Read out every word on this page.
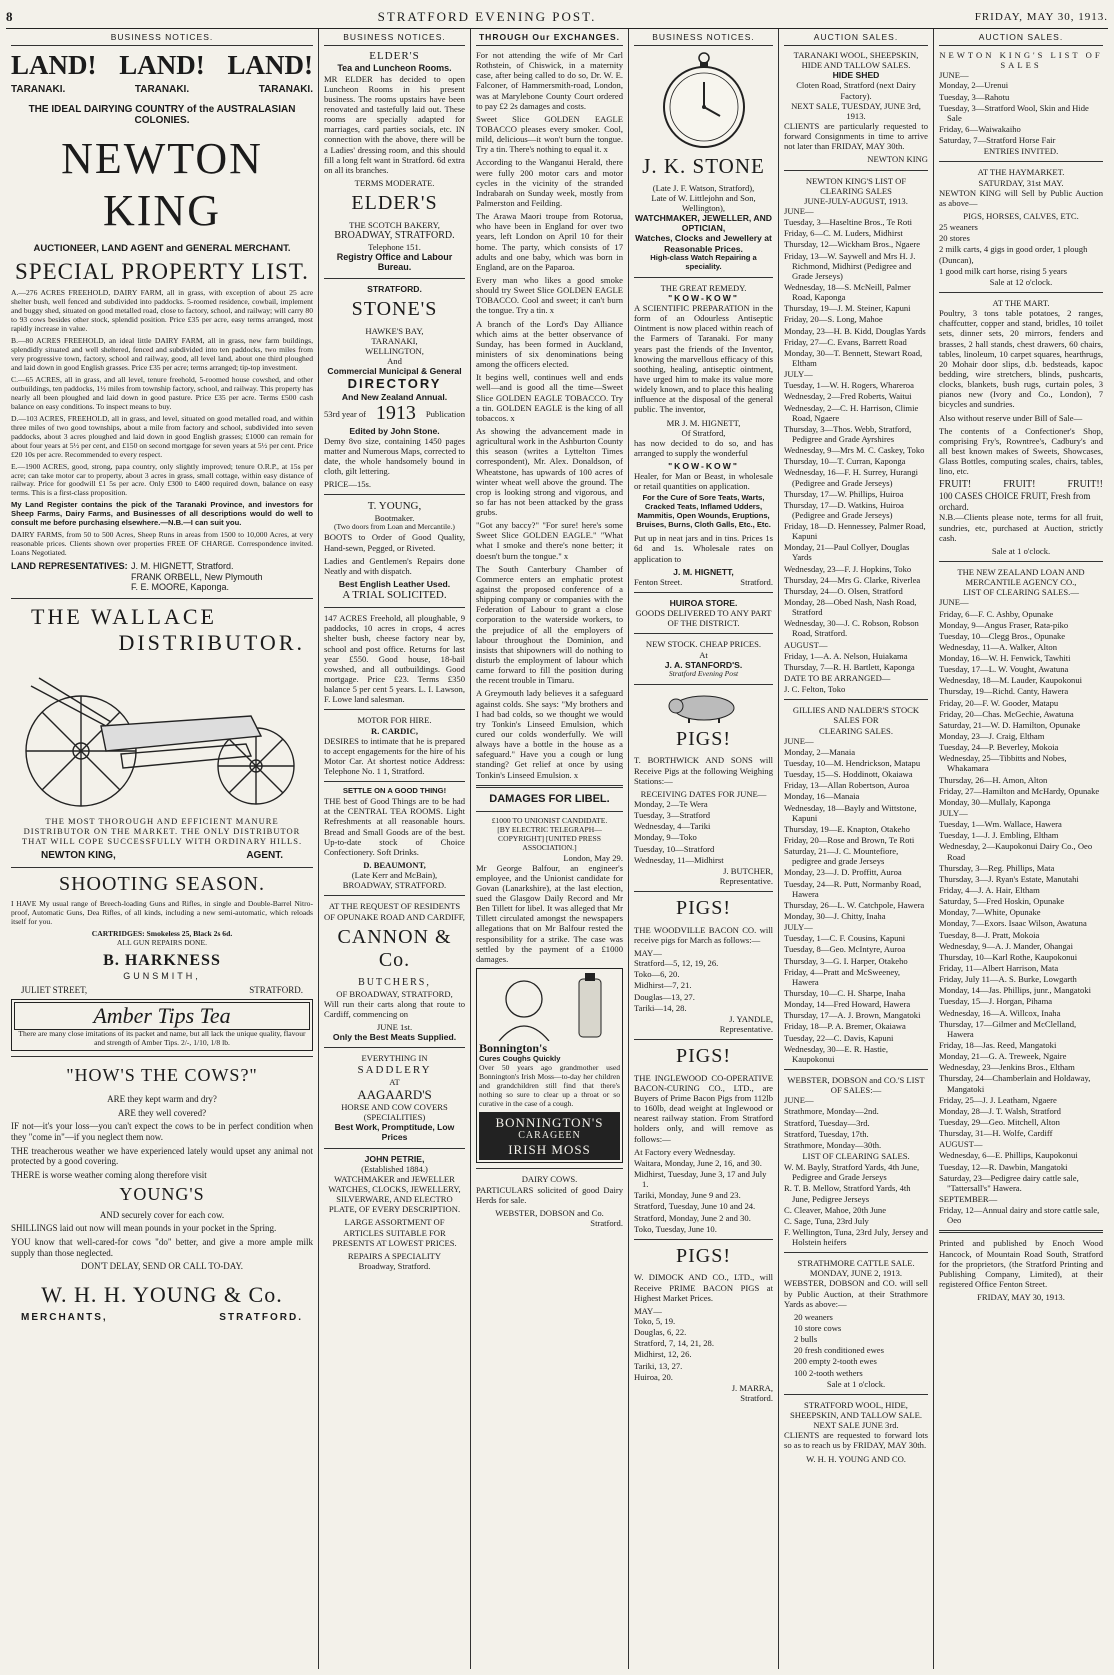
8	STRATFORD EVENING POST.	FRIDAY, MAY 30, 1913.
BUSINESS NOTICES.
LAND! LAND! LAND!
TARANAKI.	TARANAKI.	TARANAKI.
THE IDEAL DAIRYING COUNTRY of the AUSTRALASIAN COLONIES.
NEWTON KING
AUCTIONEER, LAND AGENT and GENERAL MERCHANT.
SPECIAL PROPERTY LIST.

A.—276 ACRES FREEHOLD, DAIRY FARM, all in grass, with exception of about 25 acre shelter bush, well fenced and subdivided into paddocks. 5-roomed residence, cowbail, implement and buggy shed, situated on good metalled road, close to factory, school, and railway; will carry 80 to 93 cows besides other stock, splendid position. Price £35 per acre, easy terms arranged, most rapidly increase in value.

B.—80 ACRES FREEHOLD, an ideal little DAIRY FARM, all in grass, new farm buildings, splendidly situated and well sheltered, fenced and subdivided into ten paddocks, two miles from very progressive town, factory, school and railway, good, all level land, about one third ploughed and laid down in good English grasses. Price £35 per acre; terms arranged; tip-top investment.

C.—65 ACRES, all in grass, and all level, tenure freehold, 5-roomed house cowshed, and other outbuildings, ten paddocks, 1½ miles from township factory, school, and railway. This property has nearly all been ploughed and laid down in good pasture. Price £35 per acre. Terms £500 cash balance on easy conditions. To inspect means to buy.

D.—103 ACRES, FREEHOLD, all in grass, and level, situated on good metalled road, and within three miles of two good townships, about a mile from factory and school, subdivided into seven paddocks, about 3 acres ploughed and laid down in good English grasses; £1000 can remain for about four years at 5½ per cent, and £150 on second mortgage for seven years at 5½ per cent. Price £20 10s per acre. Recommended to every respect.

E.—1900 ACRES, good, strong, papa country, only slightly improved; tenure O.R.P., at 15s per acre; can take motor car to property, about 3 acres in grass, small cottage, within easy distance of railway. Price for goodwill £1 5s per acre. Only £300 to £400 required down, balance on easy terms. This is a first-class proposition.

My Land Register contains the pick of the Taranaki Province, and investors for Sheep Farms, Dairy Farms, and Businesses of all descriptions would do well to consult me before purchasing elsewhere.—N.B.—I can suit you.

DAIRY FARMS, from 50 to 500 Acres, Sheep Runs in areas from 1500 to 10,000 Acres, at very reasonable prices. Clients shown over properties FREE OF CHARGE. Correspondence invited. Loans Negotiated.

LAND REPRESENTATIVES: J. M. HIGNETT, Stratford.
FRANK ORBELL, New Plymouth
F. E. MOORE, Kaponga.
THE WALLACE
DISTRIBUTOR.
THE MOST THOROUGH AND EFFICIENT MANURE DISTRIBUTOR ON THE MARKET. THE ONLY DISTRIBUTOR THAT WILL COPE SUCCESSFULLY WITH ORDINARY HILLS.
NEWTON KING,	AGENT.
SHOOTING SEASON.

I HAVE My usual range of Breech-loading Guns and Rifles, in single and Double-Barrel Nitro-proof, Automatic Guns, Dea Rifles, of all kinds, including a new semi-automatic, which reloads itself for you.

CARTRIDGES: Smokeless 25, Black 2s 6d.
ALL GUN REPAIRS DONE.
B. HARKNESS
GUNSMITH,
JULIET STREET,	STRATFORD.
Amber Tips Tea
There are many close imitations of its packet and name, but all lack the unique quality, flavour and strength of Amber Tips. 2/-, 1/10, 1/8 lb.
"HOW'S THE COWS?"

ARE they kept warm and dry?

ARE they well covered?

IF not—it's your loss—you can't expect the cows to be in perfect condition when they "come in"—if you neglect them now.

THE treacherous weather we have experienced lately would upset any animal not protected by a good covering.

THERE is worse weather coming along therefore visit

YOUNG'S

AND securely cover for each cow.

SHILLINGS laid out now will mean pounds in your pocket in the Spring.

YOU know that well-cared-for cows "do" better, and give a more ample milk supply than those neglected.

DON'T DELAY, SEND OR CALL TO-DAY.

W. H. H. YOUNG & Co.
MERCHANTS,	STRATFORD.
BUSINESS NOTICES.
ELDER'S
Tea and Luncheon Rooms.

MR ELDER has decided to open Luncheon Rooms in his present business. The rooms upstairs have been renovated and tastefully laid out. These rooms are specially adapted for marriages, card parties socials, etc. IN connection with the above, there will be a Ladies' dressing room, and this should fill a long felt want in Stratford. 6d extra on all its branches.

TERMS MODERATE.
ELDER'S
THE SCOTCH BAKERY,
BROADWAY, STRATFORD.
Telephone 151.
Registry Office and Labour Bureau.
STRATFORD.
STONE'S
HAWKE'S BAY,
TARANAKI,
WELLINGTON,
And
Commercial Municipal & General
DIRECTORY
And New Zealand Annual.
53rd year of 1913 Publication
Edited by John Stone.

Demy 8vo size, containing 1450 pages matter and Numerous Maps, corrected to date, the whole handsomely bound in cloth, gilt lettering.

PRICE—15s.
T. YOUNG,
Bootmaker.
(Two doors from Loan and Mercantile.)

BOOTS to Order of Good Quality, Hand-sewn, Pegged, or Riveted.

Ladies and Gentlemen's Repairs done Neatly and with dispatch.

Best English Leather Used.
A TRIAL SOLICITED.

147 ACRES Freehold, all ploughable, 9 paddocks, 10 acres in crops, 4 acres shelter bush, cheese factory near by, school and post office. Returns for last year £550. Good house, 18-bail cowshed, and all outbuildings. Good mortgage. Price £23. Terms £350 balance 5 per cent 5 years. L. I. Lawson, F. Lowe land salesman.

MOTOR FOR HIRE.
R. CARDIC,

DESIRES to intimate that he is prepared to accept engagements for the hire of his Motor Car. At shortest notice Address: Telephone No. 1 1, Stratford.

SETTLE ON A GOOD THING!

THE best of Good Things are to be had at the CENTRAL TEA ROOMS. Light Refreshments at all reasonable hours. Bread and Small Goods are of the best. Up-to-date stock of Choice Confectionery. Soft Drinks.

D. BEAUMONT,
(Late Kerr and McBain),
BROADWAY, STRATFORD.
AT THE REQUEST OF RESIDENTS OF OPUNAKE ROAD AND CARDIFF,
CANNON & Co.
BUTCHERS,
OF BROADWAY, STRATFORD,

Will run their carts along that route to Cardiff, commencing on

JUNE 1st.
Only the Best Meats Supplied.
EVERYTHING IN
SADDLERY
AT
AAGAARD'S
HORSE AND COW COVERS
(SPECIALITIES)
Best Work, Promptitude, Low Prices
JOHN PETRIE,
(Established 1884.)
WATCHMAKER and JEWELLER

WATCHES, CLOCKS, JEWELLERY, SILVERWARE, AND ELECTRO PLATE, OF EVERY DESCRIPTION.

LARGE ASSORTMENT OF ARTICLES SUITABLE FOR PRESENTS AT LOWEST PRICES.

REPAIRS A SPECIALITY
Broadway, Stratford.
THROUGH Our EXCHANGES.

For not attending the wife of Mr Carl Rothstein, of Chiswick, in a maternity case, after being called to do so, Dr. W. E. Falconer, of Hammersmith-road, London, was at Marylebone County Court ordered to pay £2 2s damages and costs.

Sweet Slice GOLDEN EAGLE TOBACCO pleases every smoker. Cool, mild, delicious—it won't burn the tongue. Try a tin. There's nothing to equal it. x

According to the Wanganui Herald, there were fully 200 motor cars and motor cycles in the vicinity of the stranded Indrabarah on Sunday week, mostly from Palmerston and Feilding.

The Arawa Maori troupe from Rotorua, who have been in England for over two years, left London on April 10 for their home. The party, which consists of 17 adults and one baby, which was born in England, are on the Paparoa.

Every man who likes a good smoke should try Sweet Slice GOLDEN EAGLE TOBACCO. Cool and sweet; it can't burn the tongue. Try a tin. x

A branch of the Lord's Day Alliance which aims at the better observance of Sunday, has been formed in Auckland, ministers of six denominations being among the officers elected.

It begins well, continues well and ends well—and is good all the time—Sweet Slice GOLDEN EAGLE TOBACCO. Try a tin. GOLDEN EAGLE is the king of all tobaccos. x

As showing the advancement made in agricultural work in the Ashburton County this season (writes a Lyttelton Times correspondent), Mr. Alex. Donaldson, of Wheatstone, has upwards of 100 acres of winter wheat well above the ground. The crop is looking strong and vigorous, and so far has not been attacked by the grass grubs.

"Got any baccy?" "For sure! here's some Sweet Slice GOLDEN EAGLE." "What what I smoke and there's none better; it doesn't burn the tongue." x

The South Canterbury Chamber of Commerce enters an emphatic protest against the proposed conference of a shipping company or companies with the Federation of Labour to grant a close corporation to the waterside workers, to the prejudice of all the employers of labour throughout the Dominion, and insists that shipowners will do nothing to disturb the employment of labour which came forward to fill the position during the recent trouble in Timaru.

A Greymouth lady believes it a safeguard against colds. She says: "My brothers and I had bad colds, so we thought we would try Tonkin's Linseed Emulsion, which cured our colds wonderfully. We will always have a bottle in the house as a safeguard." Have you a cough or lung standing? Get relief at once by using Tonkin's Linseed Emulsion. x

DAMAGES FOR LIBEL.
£1000 TO UNIONIST CANDIDATE.
[BY ELECTRIC TELEGRAPH—COPYRIGHT] [UNITED PRESS ASSOCIATION.]
London, May 29.

Mr George Balfour, an engineer's employee, and the Unionist candidate for Govan (Lanarkshire), at the last election, sued the Glasgow Daily Record and Mr Ben Tillett for libel. It was alleged that Mr Tillett circulated amongst the newspapers allegations that on Mr Balfour rested the responsibility for a strike. The case was settled by the payment of a £1000 damages.

Bonnington's
Cures Coughs Quickly

Over 50 years ago grandmother used Bonnington's Irish Moss—to-day her children and grandchildren still find that there's nothing so sure to clear up a throat or so curative in the case of a cough.

BONNINGTON'S
CARAGEEN
IRISH MOSS
DAIRY COWS.

PARTICULARS solicited of good Dairy Herds for sale.

WEBSTER, DOBSON and Co.
Stratford.
BUSINESS NOTICES.
J. K. STONE
(Late J. F. Watson, Stratford),
Late of W. Littlejohn and Son, Wellington),
WATCHMAKER, JEWELLER, AND OPTICIAN,
Watches, Clocks and Jewellery at Reasonable Prices.
High-class Watch Repairing a speciality.
THE GREAT REMEDY.
"KOW-KOW"

A SCIENTIFIC PREPARATION in the form of an Odourless Antiseptic Ointment is now placed within reach of the Farmers of Taranaki. For many years past the friends of the Inventor, knowing the marvellous efficacy of this soothing, healing, antiseptic ointment, have urged him to make its value more widely known, and to place this healing influence at the disposal of the general public. The inventor,

MR J. M. HIGNETT,
Of Stratford,

has now decided to do so, and has arranged to supply the wonderful

"KOW-KOW"

Healer, for Man or Beast, in wholesale or retail quantities on application.

For the Cure of Sore Teats, Warts, Cracked Teats, Inflamed Udders, Mammitis, Open Wounds, Eruptions, Bruises, Burns, Cloth Galls, Etc., Etc.

Put up in neat jars and in tins. Prices 1s 6d and 1s. Wholesale rates on application to

J. M. HIGNETT,
Fenton Street.	Stratford.
HUIROA STORE.
GOODS DELIVERED TO ANY PART OF THE DISTRICT.
NEW STOCK. CHEAP PRICES.
At
J. A. STANFORD'S.
Stratford Evening Post
PIGS!

T. BORTHWICK AND SONS will Receive Pigs at the following Weighing Stations:—

RECEIVING DATES FOR JUNE—
Monday, 2—Te Wera
Tuesday, 3—Stratford
Wednesday, 4—Tariki
Monday, 9—Toko
Tuesday, 10—Stratford
Wednesday, 11—Midhirst
J. BUTCHER,
Representative.
PIGS!

THE WOODVILLE BACON CO. will receive pigs for March as follows:—

MAY—
Stratford—5, 12, 19, 26.
Toko—6, 20.
Midhirst—7, 21.
Douglas—13, 27.
Tariki—14, 28.
J. YANDLE,
Representative.
PIGS!

THE INGLEWOOD CO-OPERATIVE BACON-CURING CO., LTD., are Buyers of Prime Bacon Pigs from 112lb to 160lb, dead weight at Inglewood or nearest railway station. From Stratford holders only, and will remove as follows:—

At Factory every Wednesday.
Waitara, Monday, June 2, 16, and 30.
Midhirst, Tuesday, June 3, 17 and July 1.
Tariki, Monday, June 9 and 23.
Stratford, Tuesday, June 10 and 24.
Stratford, Monday, June 2 and 30.
Toko, Tuesday, June 10.
PIGS!

W. DIMOCK AND CO., LTD., will Receive PRIME BACON PIGS at Highest Market Prices.

MAY—
Toko, 5, 19.
Douglas, 6, 22.
Stratford, 7, 14, 21, 28.
Midhirst, 12, 26.
Tariki, 13, 27.
Huiroa, 20.
J. MARRA,
Stratford.
AUCTION SALES.
TARANAKI WOOL, SHEEPSKIN, HIDE AND TALLOW SALES.
HIDE SHED
Cloten Road, Stratford (next Dairy Factory).
NEXT SALE, TUESDAY, JUNE 3rd, 1913.

CLIENTS are particularly requested to forward Consignments in time to arrive not later than FRIDAY, MAY 30th.

NEWTON KING
NEWTON KING'S LIST OF CLEARING SALES
JUNE-JULY-AUGUST, 1913.
JUNE—
Tuesday, 3—Haseltine Bros., Te Roti
Friday, 6—C. M. Luders, Midhirst
Thursday, 12—Wickham Bros., Ngaere
Friday, 13—W. Saywell and Mrs H. J. Richmond, Midhirst (Pedigree and Grade Jerseys)
Wednesday, 18—S. McNeill, Palmer Road, Kaponga
Thursday, 19—J. M. Steiner, Kapuni
Friday, 20—S. Long, Mahoe
Monday, 23—H. B. Kidd, Douglas Yards
Friday, 27—C. Evans, Barrett Road
Monday, 30—T. Bennett, Stewart Road, Eltham
JULY—
Tuesday, 1—W. H. Rogers, Whareroa
Wednesday, 2—Fred Roberts, Waitui
Wednesday, 2—C. H. Harrison, Climie Road, Ngaere
Thursday, 3—Thos. Webb, Stratford, Pedigree and Grade Ayrshires
Wednesday, 9—Mrs M. C. Caskey, Toko
Thursday, 10—T. Curran, Kaponga
Wednesday, 16—F. H. Surrey, Hurangi (Pedigree and Grade Jerseys)
Thursday, 17—W. Phillips, Huiroa
Thursday, 17—D. Watkins, Huiroa (Pedigree and Grade Jerseys)
Friday, 18—D. Hennessey, Palmer Road, Kapuni
Monday, 21—Paul Collyer, Douglas Yards
Wednesday, 23—F. J. Hopkins, Toko
Thursday, 24—Mrs G. Clarke, Riverlea
Thursday, 24—O. Olsen, Stratford
Monday, 28—Obed Nash, Nash Road, Stratford
Wednesday, 30—J. C. Robson, Robson Road, Stratford.
AUGUST—
Friday, 1—A. A. Nelson, Huiakama
Thursday, 7—R. H. Bartlett, Kaponga
DATE TO BE ARRANGED—
J. C. Felton, Toko
GILLIES AND NALDER'S STOCK SALES FOR
CLEARING SALES.
JUNE—
Monday, 2—Manaia
Tuesday, 10—M. Hendrickson, Matapu
Tuesday, 15—S. Hoddinott, Okaiawa
Friday, 13—Allan Robertson, Auroa
Monday, 16—Manaia
Wednesday, 18—Bayly and Wittstone, Kapuni
Thursday, 19—E. Knapton, Otakeho
Friday, 20—Rose and Brown, Te Roti
Saturday, 21—J. C. Mountefiore, pedigree and grade Jerseys
Monday, 23—J. D. Proffitt, Auroa
Tuesday, 24—R. Putt, Normanby Road, Hawera
Thursday, 26—L. W. Catchpole, Hawera
Monday, 30—J. Chitty, Inaha
JULY—
Tuesday, 1—C. F. Cousins, Kapuni
Tuesday, 8—Geo. McIntyre, Auroa
Thursday, 3—G. I. Harper, Otakeho
Friday, 4—Pratt and McSweeney, Hawera
Thursday, 10—C. H. Sharpe, Inaha
Monday, 14—Fred Howard, Hawera
Thursday, 17—A. J. Brown, Mangatoki
Friday, 18—P. A. Bremer, Okaiawa
Tuesday, 22—C. Davis, Kapuni
Wednesday, 30—E. R. Hastie, Kaupokonui
WEBSTER, DOBSON and CO.'S LIST OF SALES:—
JUNE—
Strathmore, Monday—2nd.
Stratford, Tuesday—3rd.
Stratford, Tuesday, 17th.
Strathmore, Monday—30th.
LIST OF CLEARING SALES.
W. M. Bayly, Stratford Yards, 4th June, Pedigree and Grade Jerseys
R. T. B. Mellow, Stratford Yards, 4th June, Pedigree Jerseys
C. Cleaver, Mahoe, 20th June
C. Sage, Tuna, 23rd July
F. Wellington, Tuna, 23rd July, Jersey and Holstein heifers
STRATHMORE CATTLE SALE.
MONDAY, JUNE 2, 1913.

WEBSTER, DOBSON and CO. will sell by Public Auction, at their Strathmore Yards as above:—

20 weaners
10 store cows
2 bulls
20 fresh conditioned ewes
200 empty 2-tooth ewes
100 2-tooth wethers
Sale at 1 o'clock.
STRATFORD WOOL, HIDE, SHEEPSKIN, AND TALLOW SALE.
NEXT SALE JUNE 3rd.

CLIENTS are requested to forward lots so as to reach us by FRIDAY, MAY 30th.

W. H. H. YOUNG AND CO.
AUCTION SALES.
NEWTON KING'S LIST OF SALES
JUNE—
Monday, 2—Urenui
Tuesday, 3—Rahotu
Tuesday, 3—Stratford Wool, Skin and Hide Sale
Friday, 6—Waiwakaiho
Saturday, 7—Stratford Horse Fair
ENTRIES INVITED.
AT THE HAYMARKET.
SATURDAY, 31st MAY.

NEWTON KING will Sell by Public Auction as above—

PIGS, HORSES, CALVES, ETC.
25 weaners
20 stores
2 milk carts, 4 gigs in good order, 1 plough (Duncan),
1 good milk cart horse, rising 5 years
Sale at 12 o'clock.
AT THE MART.

Poultry, 3 tons table potatoes, 2 ranges, chaffcutter, copper and stand, bridles, 10 toilet sets, dinner sets, 20 mirrors, fenders and brasses, 2 hall stands, chest drawers, 60 chairs, tables, linoleum, 10 carpet squares, hearthrugs, 20 Mohair door slips, d.b. bedsteads, kapoc bedding, wire stretchers, blinds, pushcarts, clocks, blankets, bush rugs, curtain poles, 3 pianos new (Ivory and Co., London), 7 bicycles and sundries.

Also without reserve under Bill of Sale—

The contents of a Confectioner's Shop, comprising Fry's, Rowntree's, Cadbury's and all best known makes of Sweets, Showcases, Glass Bottles, computing scales, chairs, tables, lino, etc.

FRUIT!	FRUIT!	FRUIT!!
100 CASES CHOICE FRUIT, Fresh from orchard.

N.B.—Clients please note, terms for all fruit, sundries, etc, purchased at Auction, strictly cash.

Sale at 1 o'clock.
THE NEW ZEALAND LOAN AND MERCANTILE AGENCY CO.,
LIST OF CLEARING SALES.—
JUNE—
Friday, 6—F. C. Ashby, Opunake
Monday, 9—Angus Fraser, Rata-piko
Tuesday, 10—Clegg Bros., Opunake
Wednesday, 11—A. Walker, Alton
Monday, 16—W. H. Fenwick, Tawhiti
Tuesday, 17—L. W. Vought, Awatuna
Wednesday, 18—M. Lauder, Kaupokonui
Thursday, 19—Richd. Canty, Hawera
Friday, 20—F. W. Gooder, Matapu
Friday, 20—Chas. McGechie, Awatuna
Saturday, 21—W. D. Hamilton, Opunake
Monday, 23—J. Craig, Eltham
Tuesday, 24—P. Beverley, Mokoia
Wednesday, 25—Tibbitts and Nobes, Whakamara
Thursday, 26—H. Amon, Alton
Friday, 27—Hamilton and McHardy, Opunake
Monday, 30—Mullaly, Kaponga
JULY—
Tuesday, 1—Wm. Wallace, Hawera
Tuesday, 1—J. J. Embling, Eltham
Wednesday, 2—Kaupokonui Dairy Co., Oeo Road
Thursday, 3—Reg. Phillips, Mata
Thursday, 3—J. Ryan's Estate, Manutahi
Friday, 4—J. A. Hair, Eltham
Saturday, 5—Fred Hoskin, Opunake
Monday, 7—White, Opunake
Monday, 7—Exors. Isaac Wilson, Awatuna
Tuesday, 8—J. Pratt, Mokoia
Wednesday, 9—A. J. Mander, Ohangai
Thursday, 10—Karl Rothe, Kaupokonui
Friday, 11—Albert Harrison, Mata
Friday, July 11—A. S. Burke, Lowgarth
Monday, 14—Jas. Phillips, junr., Mangatoki
Tuesday, 15—J. Horgan, Pihama
Wednesday, 16—A. Willcox, Inaha
Thursday, 17—Gilmer and McClelland, Hawera
Friday, 18—Jas. Reed, Mangatoki
Monday, 21—G. A. Treweek, Ngaire
Wednesday, 23—Jenkins Bros., Eltham
Thursday, 24—Chamberlain and Holdaway, Mangatoki
Friday, 25—J. J. Leatham, Ngaere
Monday, 28—J. T. Walsh, Stratford
Tuesday, 29—Geo. Mitchell, Alton
Thursday, 31—H. Wolfe, Cardiff
AUGUST—
Wednesday, 6—E. Phillips, Kaupokonui
Tuesday, 12—R. Dawbin, Mangatoki
Saturday, 23—Pedigree dairy cattle sale, "Tattersall's" Hawera.
SEPTEMBER—
Friday, 12—Annual dairy and store cattle sale, Oeo

Printed and published by Enoch Wood Hancock, of Mountain Road South, Stratford for the proprietors, (the Stratford Printing and Publishing Company, Limited), at their registered Office Fenton Street.

FRIDAY, MAY 30, 1913.
